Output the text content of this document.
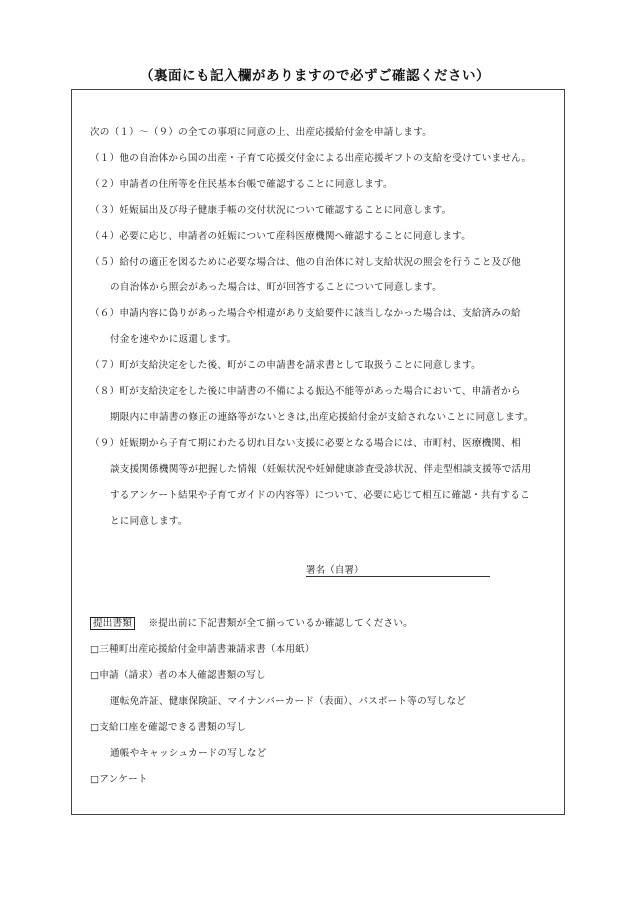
（裏面にも記入欄がありますので必ずご確認ください）
次の（１）～（９）の全ての事項に同意の上、出産応援給付金を申請します。
（１）他の自治体から国の出産・子育て応援交付金による出産応援ギフトの支給を受けていません。
（２）申請者の住所等を住民基本台帳で確認することに同意します。
（３）妊娠届出及び母子健康手帳の交付状況について確認することに同意します。
（４）必要に応じ、申請者の妊娠について産科医療機関へ確認することに同意します。
（５）給付の適正を図るために必要な場合は、他の自治体に対し支給状況の照会を行うこと及び他
の自治体から照会があった場合は、町が回答することについて同意します。
（６）申請内容に偽りがあった場合や相違があり支給要件に該当しなかった場合は、支給済みの給
付金を速やかに返還します。
（７）町が支給決定をした後、町がこの申請書を請求書として取扱うことに同意します。
（８）町が支給決定をした後に申請書の不備による振込不能等があった場合において、申請者から
期限内に申請書の修正の連絡等がないときは,出産応援給付金が支給されないことに同意します。
（９）妊娠期から子育て期にわたる切れ目ない支援に必要となる場合には、市町村、医療機関、相
談支援関係機関等が把握した情報（妊娠状況や妊婦健康診査受診状況、伴走型相談支援等で活用
するアンケート結果や子育てガイドの内容等）について、必要に応じて相互に確認・共有するこ
とに同意します。
署名（自署）
提出書類 ※提出前に下記書類が全て揃っているか確認してください。
□三種町出産応援給付金申請書兼請求書（本用紙）
□申請（請求）者の本人確認書類の写し
運転免許証、健康保険証、マイナンバーカード（表面）、パスポート等の写しなど
□支給口座を確認できる書類の写し
通帳やキャッシュカードの写しなど
□アンケート
